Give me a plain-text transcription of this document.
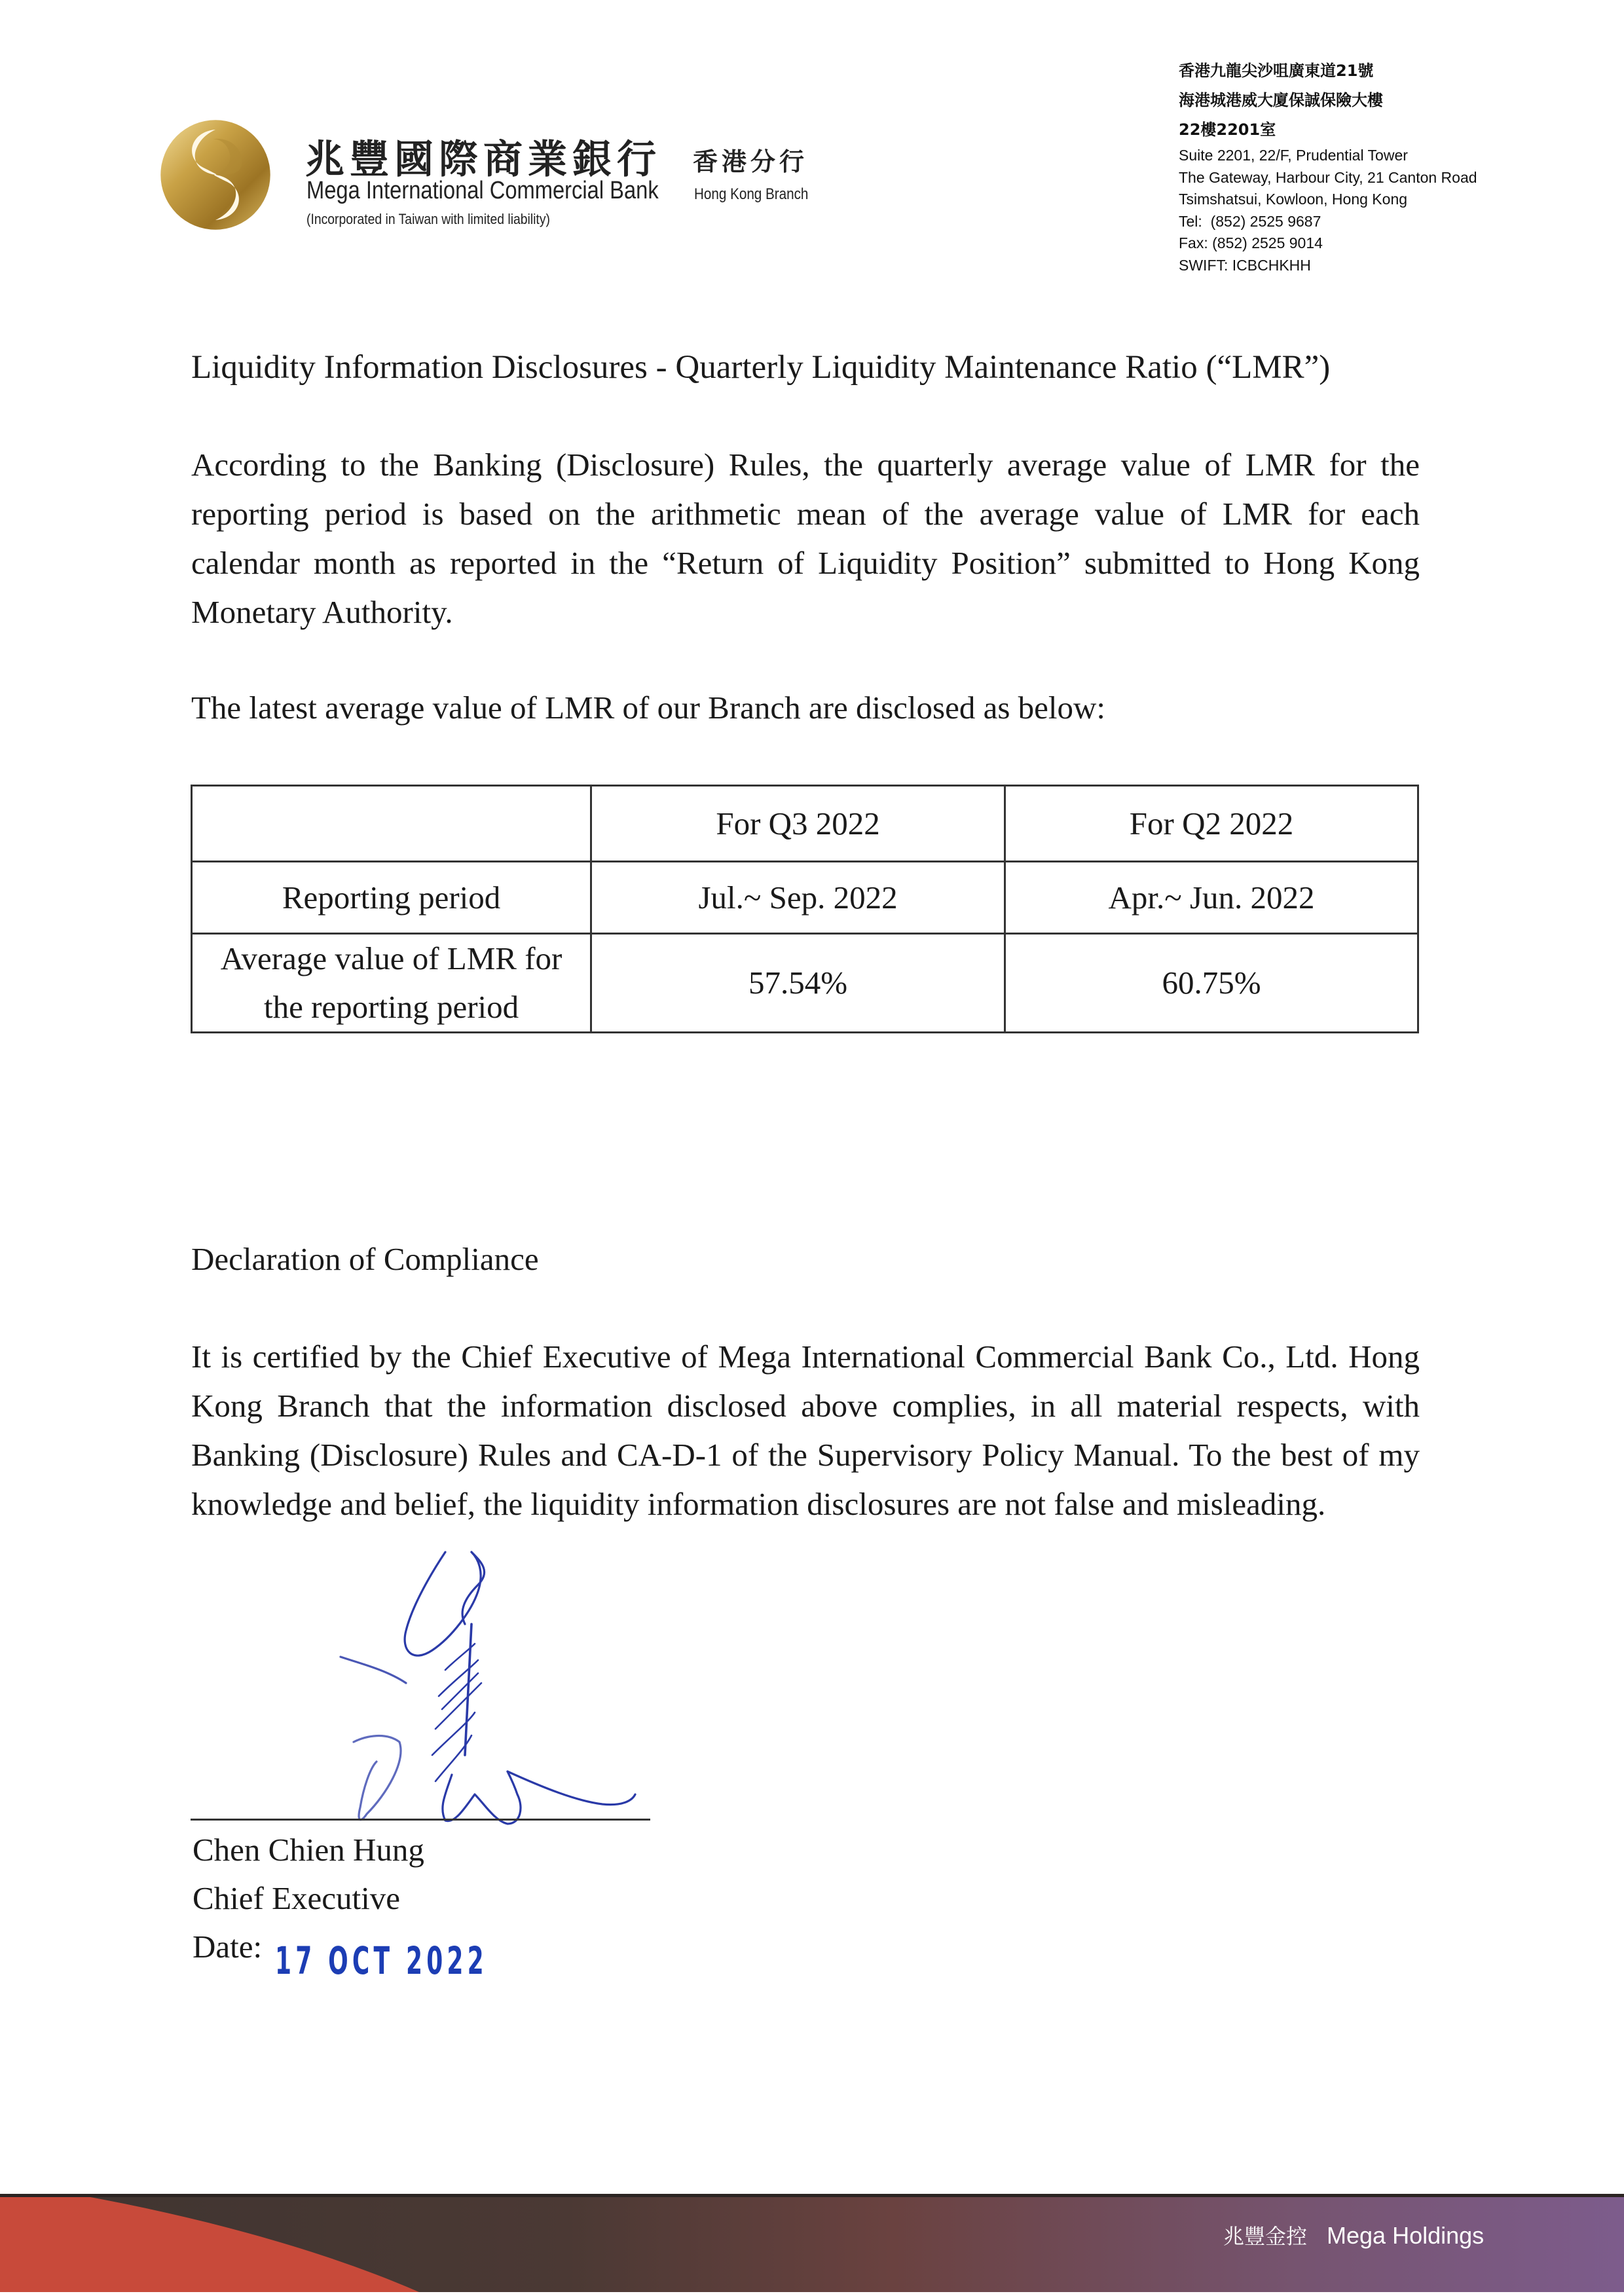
兆豐國際商業銀行 香港分行
Mega International Commercial Bank Hong Kong Branch
(Incorporated in Taiwan with limited liability)
香港九龍尖沙咀廣東道21號
海港城港威大廈保誠保險大樓
22樓2201室
Suite 2201, 22/F, Prudential Tower
The Gateway, Harbour City, 21 Canton Road
Tsimshatsui, Kowloon, Hong Kong
Tel:  (852) 2525 9687
Fax: (852) 2525 9014
SWIFT: ICBCHKHH
Liquidity Information Disclosures - Quarterly Liquidity Maintenance Ratio (“LMR”)
According to the Banking (Disclosure) Rules, the quarterly average value of LMR for the reporting period is based on the arithmetic mean of the average value of LMR for each calendar month as reported in the “Return of Liquidity Position” submitted to Hong Kong Monetary Authority.
The latest average value of LMR of our Branch are disclosed as below:
	For Q3 2022	For Q2 2022
Reporting period	Jul.~ Sep. 2022	Apr.~ Jun. 2022
Average value of LMR for the reporting period	57.54%	60.75%
Declaration of Compliance
It is certified by the Chief Executive of Mega International Commercial Bank Co., Ltd. Hong Kong Branch that the information disclosed above complies, in all material respects, with Banking (Disclosure) Rules and CA-D-1 of the Supervisory Policy Manual. To the best of my knowledge and belief, the liquidity information disclosures are not false and misleading.
Chen Chien Hung
Chief Executive
Date: 17 OCT 2022
兆豐金控 Mega Holdings
